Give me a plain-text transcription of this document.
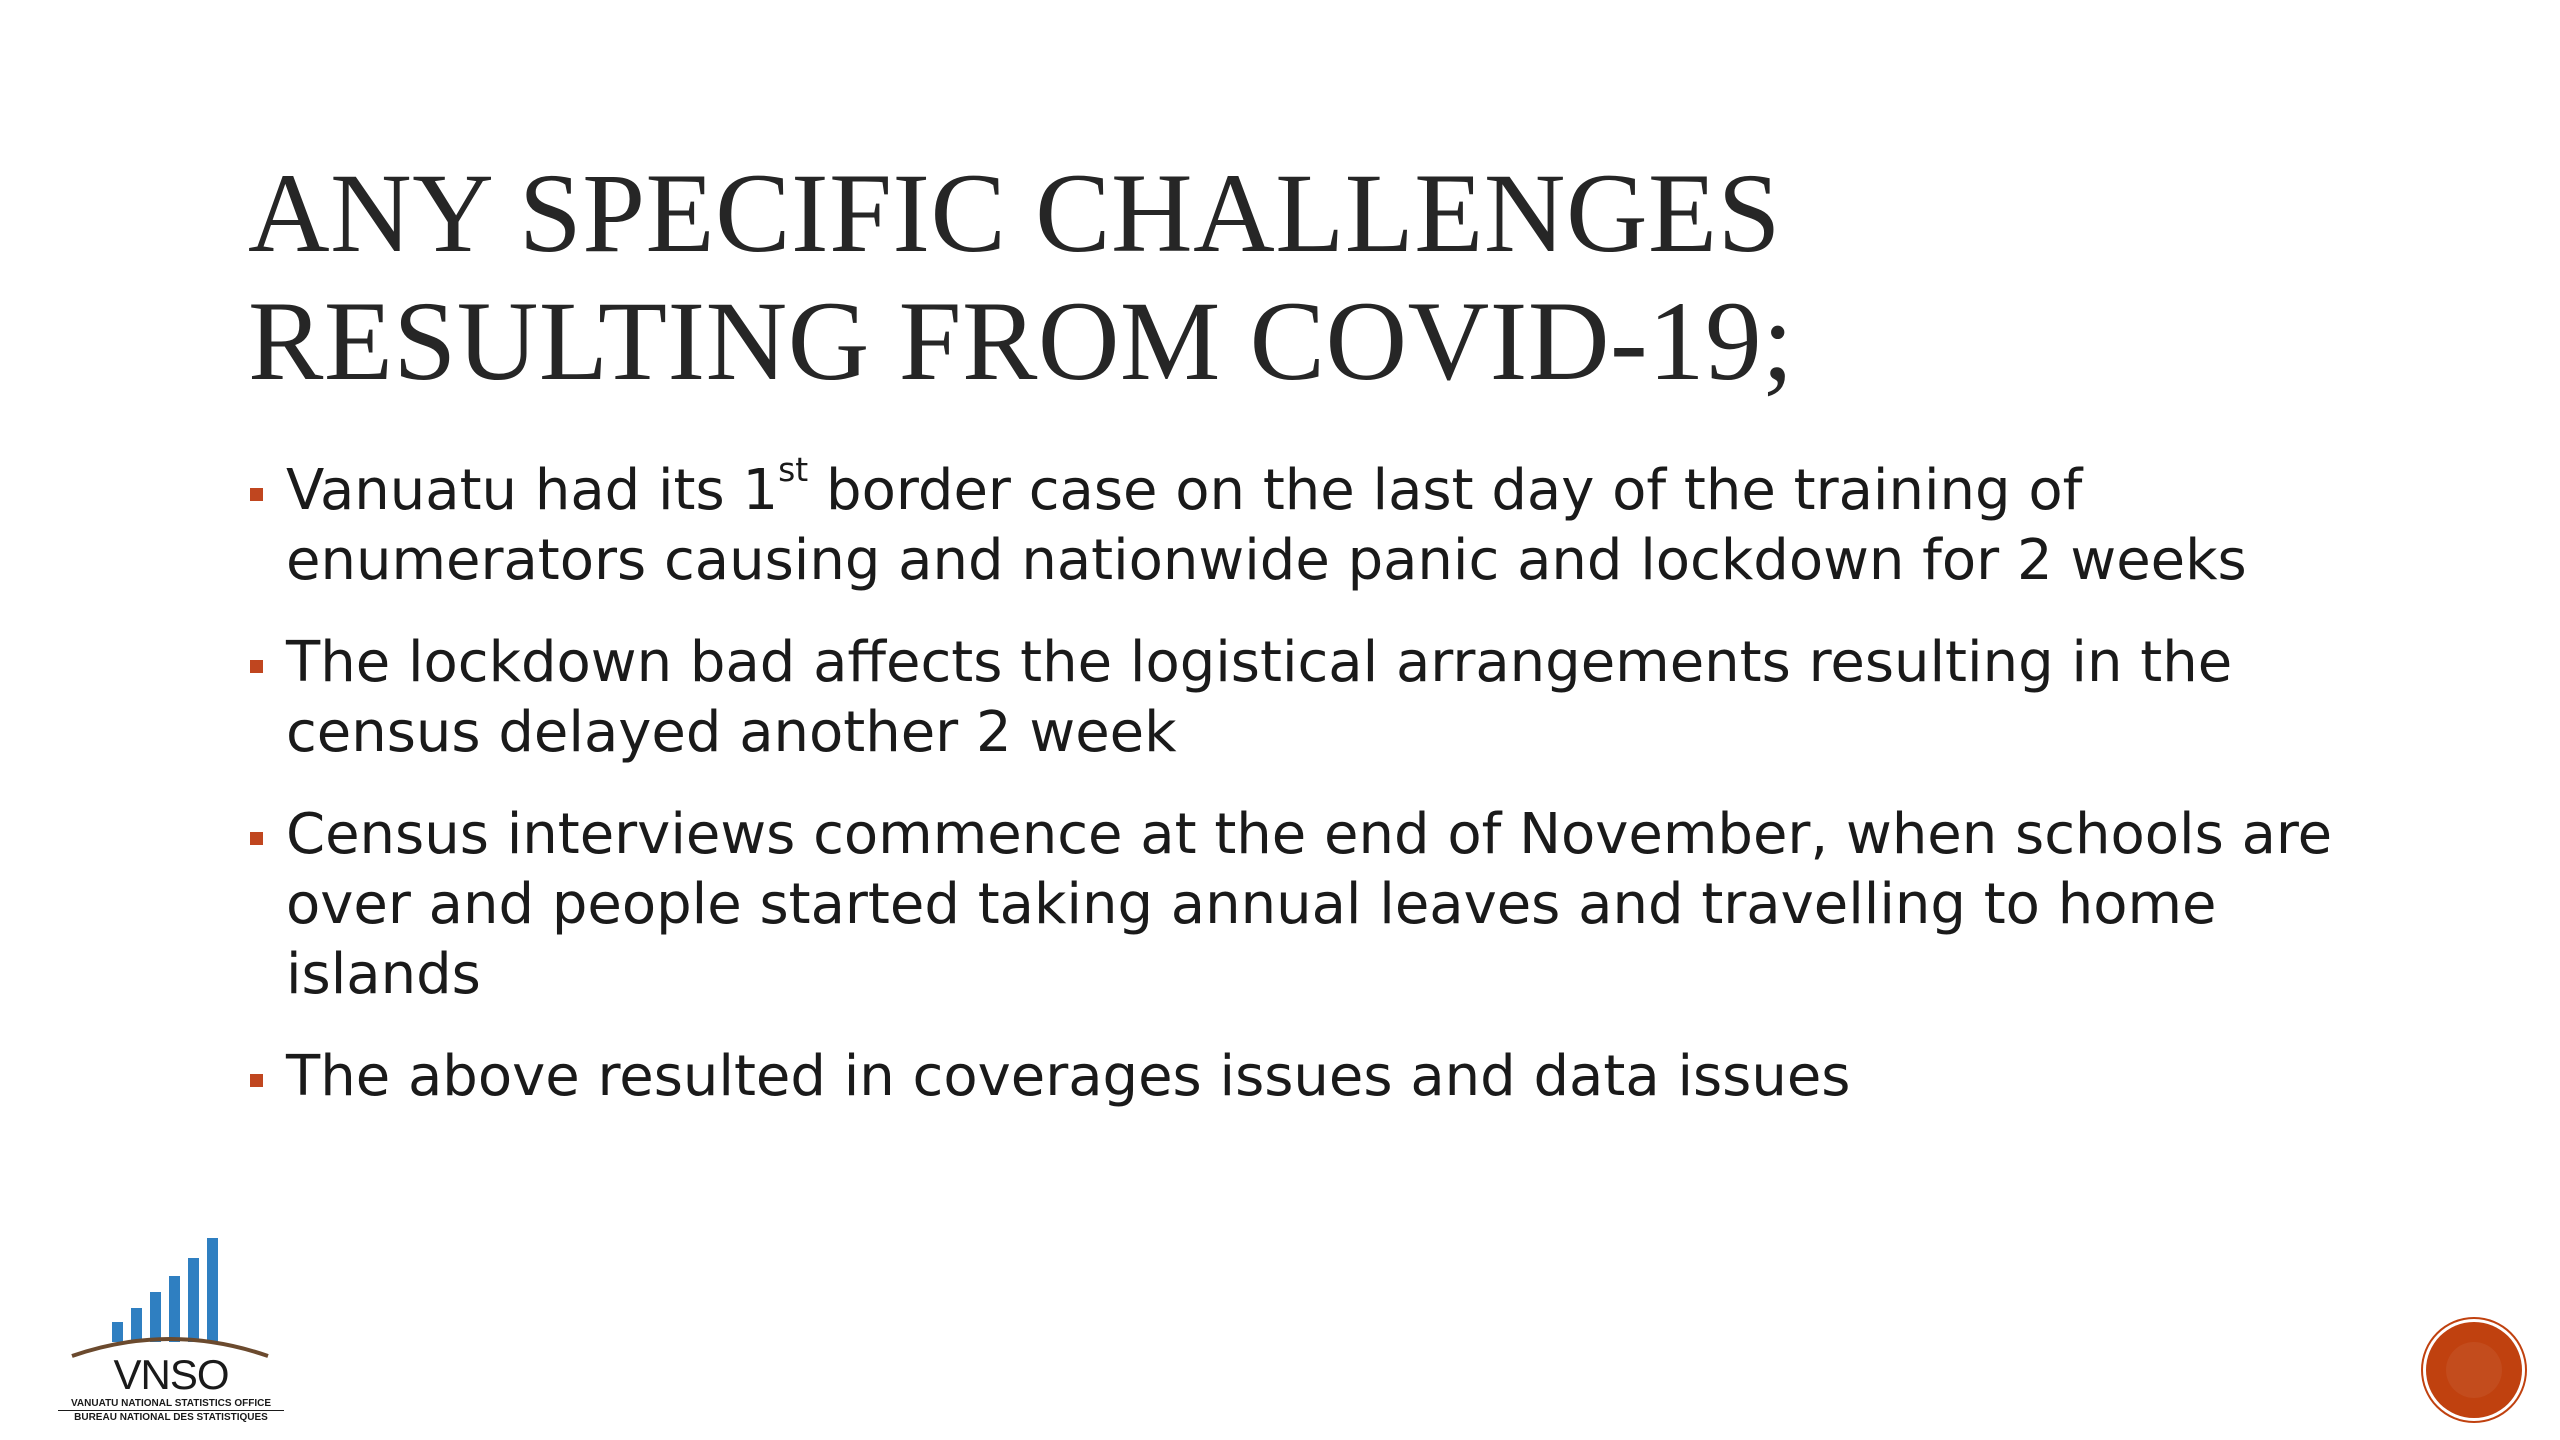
ANY SPECIFIC CHALLENGES
RESULTING FROM COVID-19;
Vanuatu had its 1st border case on the last day of the training of enumerators causing and nationwide panic and lockdown for 2 weeks
The lockdown bad affects the logistical arrangements resulting in the census delayed another 2 week
Census interviews commence at the end of November, when schools are over and people started taking annual leaves and travelling to home islands
The above resulted in coverages issues and data issues
VNSO
VANUATU NATIONAL STATISTICS OFFICE
BUREAU NATIONAL DES STATISTIQUES
